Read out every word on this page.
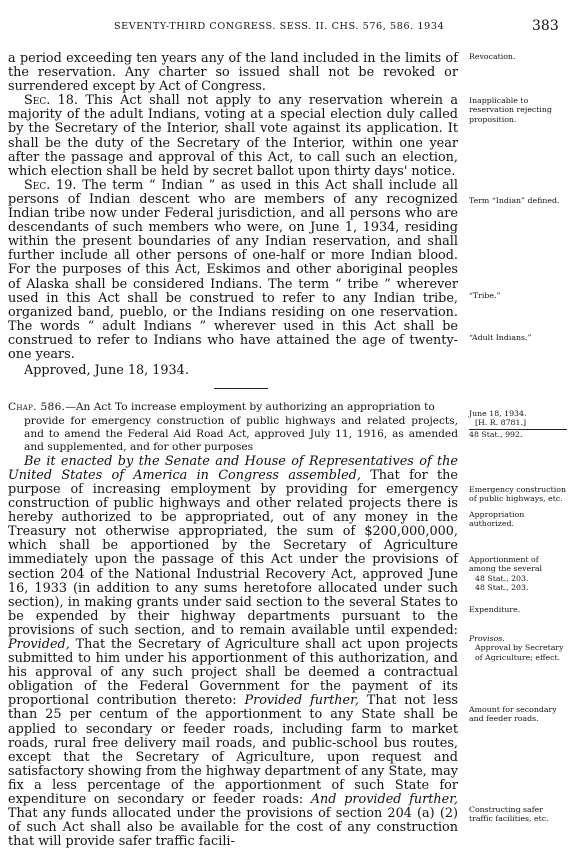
SEVENTY-THIRD CONGRESS. SESS. II. CHS. 576, 586. 1934	383

a period exceeding ten years any of the land included in the limits of the reservation. Any charter so issued shall not be revoked or surrendered except by Act of Congress.

Sec. 18. This Act shall not apply to any reservation wherein a majority of the adult Indians, voting at a special election duly called by the Secretary of the Interior, shall vote against its application. It shall be the duty of the Secretary of the Interior, within one year after the passage and approval of this Act, to call such an election, which election shall be held by secret ballot upon thirty days' notice.

Sec. 19. The term “ Indian ” as used in this Act shall include all persons of Indian descent who are members of any recognized Indian tribe now under Federal jurisdiction, and all persons who are descendants of such members who were, on June 1, 1934, residing within the present boundaries of any Indian reservation, and shall further include all other persons of one-half or more Indian blood. For the purposes of this Act, Eskimos and other aboriginal peoples of Alaska shall be considered Indians. The term “ tribe ” wherever used in this Act shall be construed to refer to any Indian tribe, organized band, pueblo, or the Indians residing on one reservation. The words “ adult Indians ” wherever used in this Act shall be construed to refer to Indians who have attained the age of twenty-one years.

Approved, June 18, 1934.

Chap. 586.—An Act To increase employment by authorizing an appropriation to
provide for emergency construction of public highways and related projects, and to amend the Federal Aid Road Act, approved July 11, 1916, as amended and supplemented, and for other purposes

Be it enacted by the Senate and House of Representatives of the United States of America in Congress assembled, That for the purpose of increasing employment by providing for emergency construction of public highways and other related projects there is hereby authorized to be appropriated, out of any money in the Treasury not otherwise appropriated, the sum of $200,000,000, which shall be apportioned by the Secretary of Agriculture immediately upon the passage of this Act under the provisions of section 204 of the National Industrial Recovery Act, approved June 16, 1933 (in addition to any sums heretofore allocated under such section), in making grants under said section to the several States to be expended by their highway departments pursuant to the provisions of such section, and to remain available until expended: Provided, That the Secretary of Agriculture shall act upon projects submitted to him under his apportionment of this authorization, and his approval of any such project shall be deemed a contractual obligation of the Federal Government for the payment of its proportional contribution thereto: Provided further, That not less than 25 per centum of the apportionment to any State shall be applied to secondary or feeder roads, including farm to market roads, rural free delivery mail roads, and public-school bus routes, except that the Secretary of Agriculture, upon request and satisfactory showing from the highway department of any State, may fix a less percentage of the apportionment of such State for expenditure on secondary or feeder roads: And provided further, That any funds allocated under the provisions of section 204 (a) (2) of such Act shall also be available for the cost of any construction that will provide safer traffic facili-

Revocation.
Inapplicable to reservation rejecting proposition.
Term “Indian” defined.
“Tribe.”
“Adult Indians.”
June 18, 1934.
[H. R. 8781.]
48 Stat., 992.
Emergency construction of public highways, etc.
Appropriation authorized.
Apportionment of among the several
48 Stat., 203.
48 Stat., 203.
Expenditure.
Provisos.
Approval by Secretary of Agriculture; effect.
Amount for secondary and feeder roads.
Constructing safer traffic facilities, etc.
